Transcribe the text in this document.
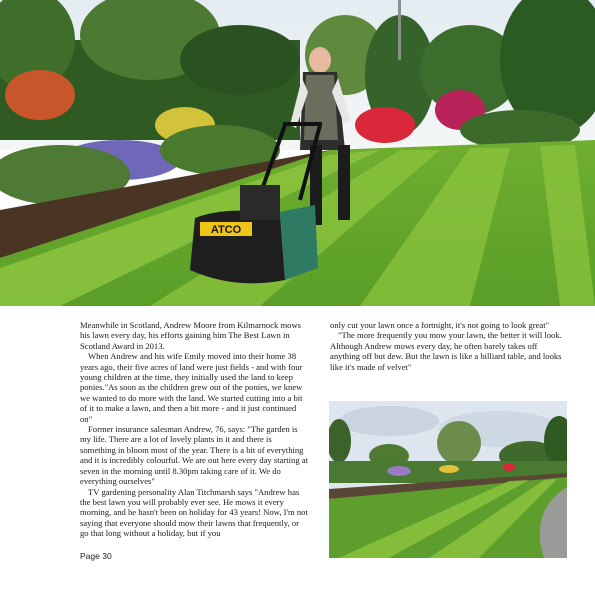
ATCO

Meanwhile in Scotland, Andrew Moore from Kilmarnock mows his lawn every day, his efforts gaining him The Best Lawn in Scotland Award in 2013.

When Andrew and his wife Emily moved into their home 38 years ago, their five acres of land were just fields - and with four young children at the time, they initially used the land to keep ponies."As soon as the children grew out of the ponies, we knew we wanted to do more with the land. We started cutting into a bit of it to make a lawn, and then a bit more - and it just continued on"

Former insurance salesman Andrew, 76, says: "The garden is my life. There are a lot of lovely plants in it and there is something in bloom most of the year. There is a bit of everything and it is incredibly colourful. We are out here every day starting at seven in the morning until 8.30pm taking care of it. We do everything ourselves"

TV gardening personality Alan Titchmarsh says "Andrew has the best lawn you will probably ever see. He mows it every morning, and he hasn't been on holiday for 43 years! Now, I'm not saying that everyone should mow their lawns that frequently, or go that long without a holiday, but if you

only cut your lawn once a fortnight, it's not going to look great"

"The more frequently you mow your lawn, the better it will look. Although Andrew mows every day, he often barely takes off anything off but dew. But the lawn is like a billiard table, and looks like it's made of velvet"

Page 30
